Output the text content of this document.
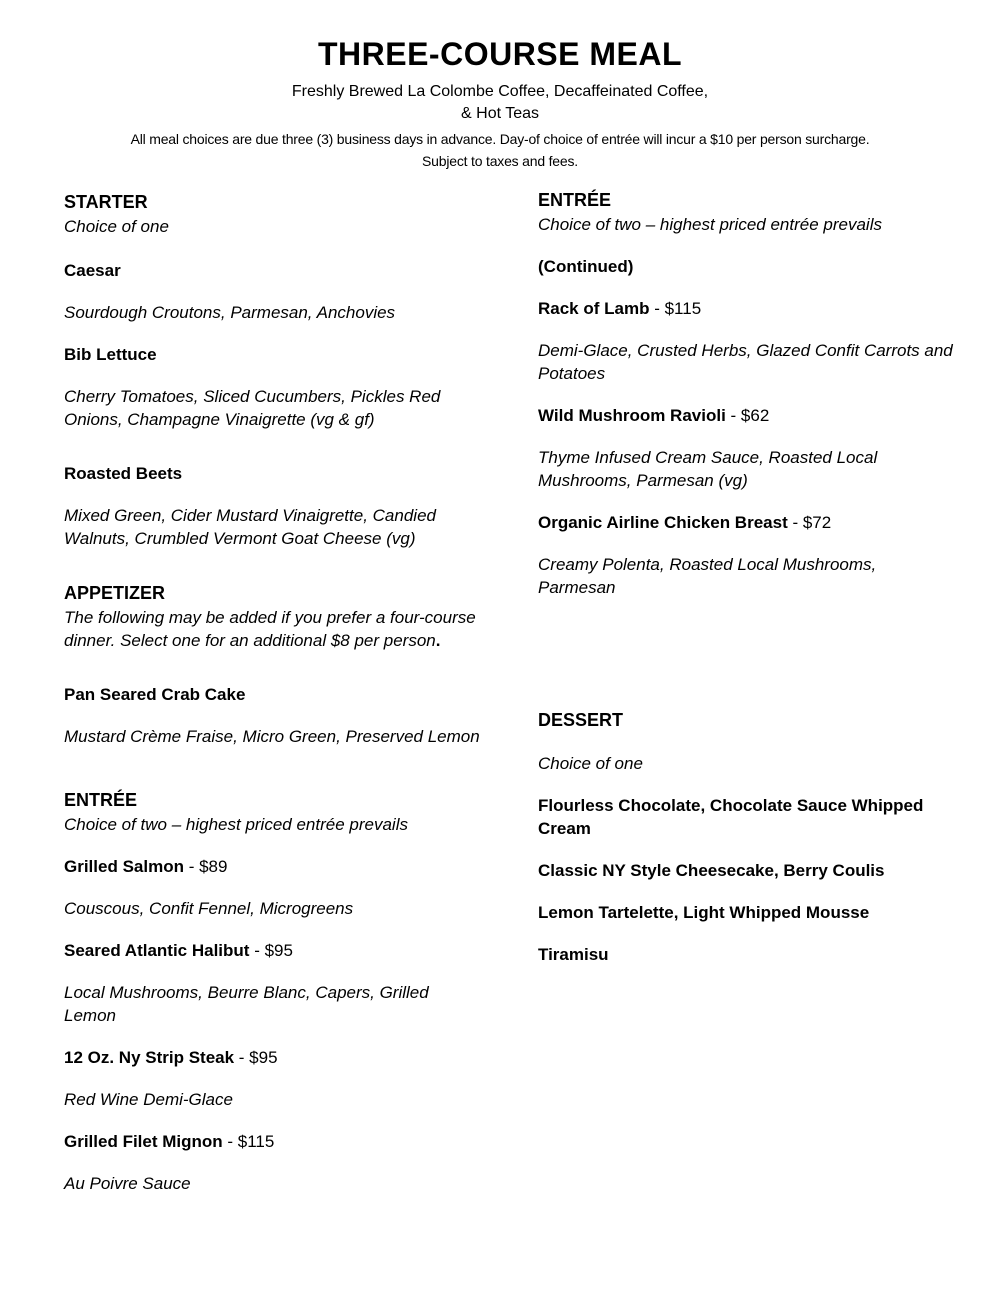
THREE-COURSE MEAL
Freshly Brewed La Colombe Coffee, Decaffeinated Coffee,
& Hot Teas
All meal choices are due three (3) business days in advance. Day-of choice of entrée will incur a $10 per person surcharge.
Subject to taxes and fees.

STARTER

Choice of one

Caesar

Sourdough Croutons, Parmesan, Anchovies

Bib Lettuce

Cherry Tomatoes, Sliced Cucumbers, Pickles Red Onions, Champagne Vinaigrette (vg & gf)

Roasted Beets

Mixed Green, Cider Mustard Vinaigrette, Candied Walnuts, Crumbled Vermont Goat Cheese (vg)

APPETIZER

The following may be added if you prefer a four-course dinner. Select one for an additional $8 per person.

Pan Seared Crab Cake

Mustard Crème Fraise, Micro Green, Preserved Lemon

ENTRÉE

Choice of two – highest priced entrée prevails

Grilled Salmon - $89

Couscous, Confit Fennel, Microgreens

Seared Atlantic Halibut - $95

Local Mushrooms, Beurre Blanc, Capers, Grilled Lemon

12 Oz. Ny Strip Steak - $95

Red Wine Demi-Glace

Grilled Filet Mignon - $115

Au Poivre Sauce

ENTRÉE

Choice of two – highest priced entrée prevails

(Continued)

Rack of Lamb - $115

Demi-Glace, Crusted Herbs, Glazed Confit Carrots and Potatoes

Wild Mushroom Ravioli - $62

Thyme Infused Cream Sauce, Roasted Local Mushrooms, Parmesan (vg)

Organic Airline Chicken Breast - $72

Creamy Polenta, Roasted Local Mushrooms, Parmesan

DESSERT

Choice of one

Flourless Chocolate, Chocolate Sauce Whipped Cream

Classic NY Style Cheesecake, Berry Coulis

Lemon Tartelette, Light Whipped Mousse

Tiramisu
